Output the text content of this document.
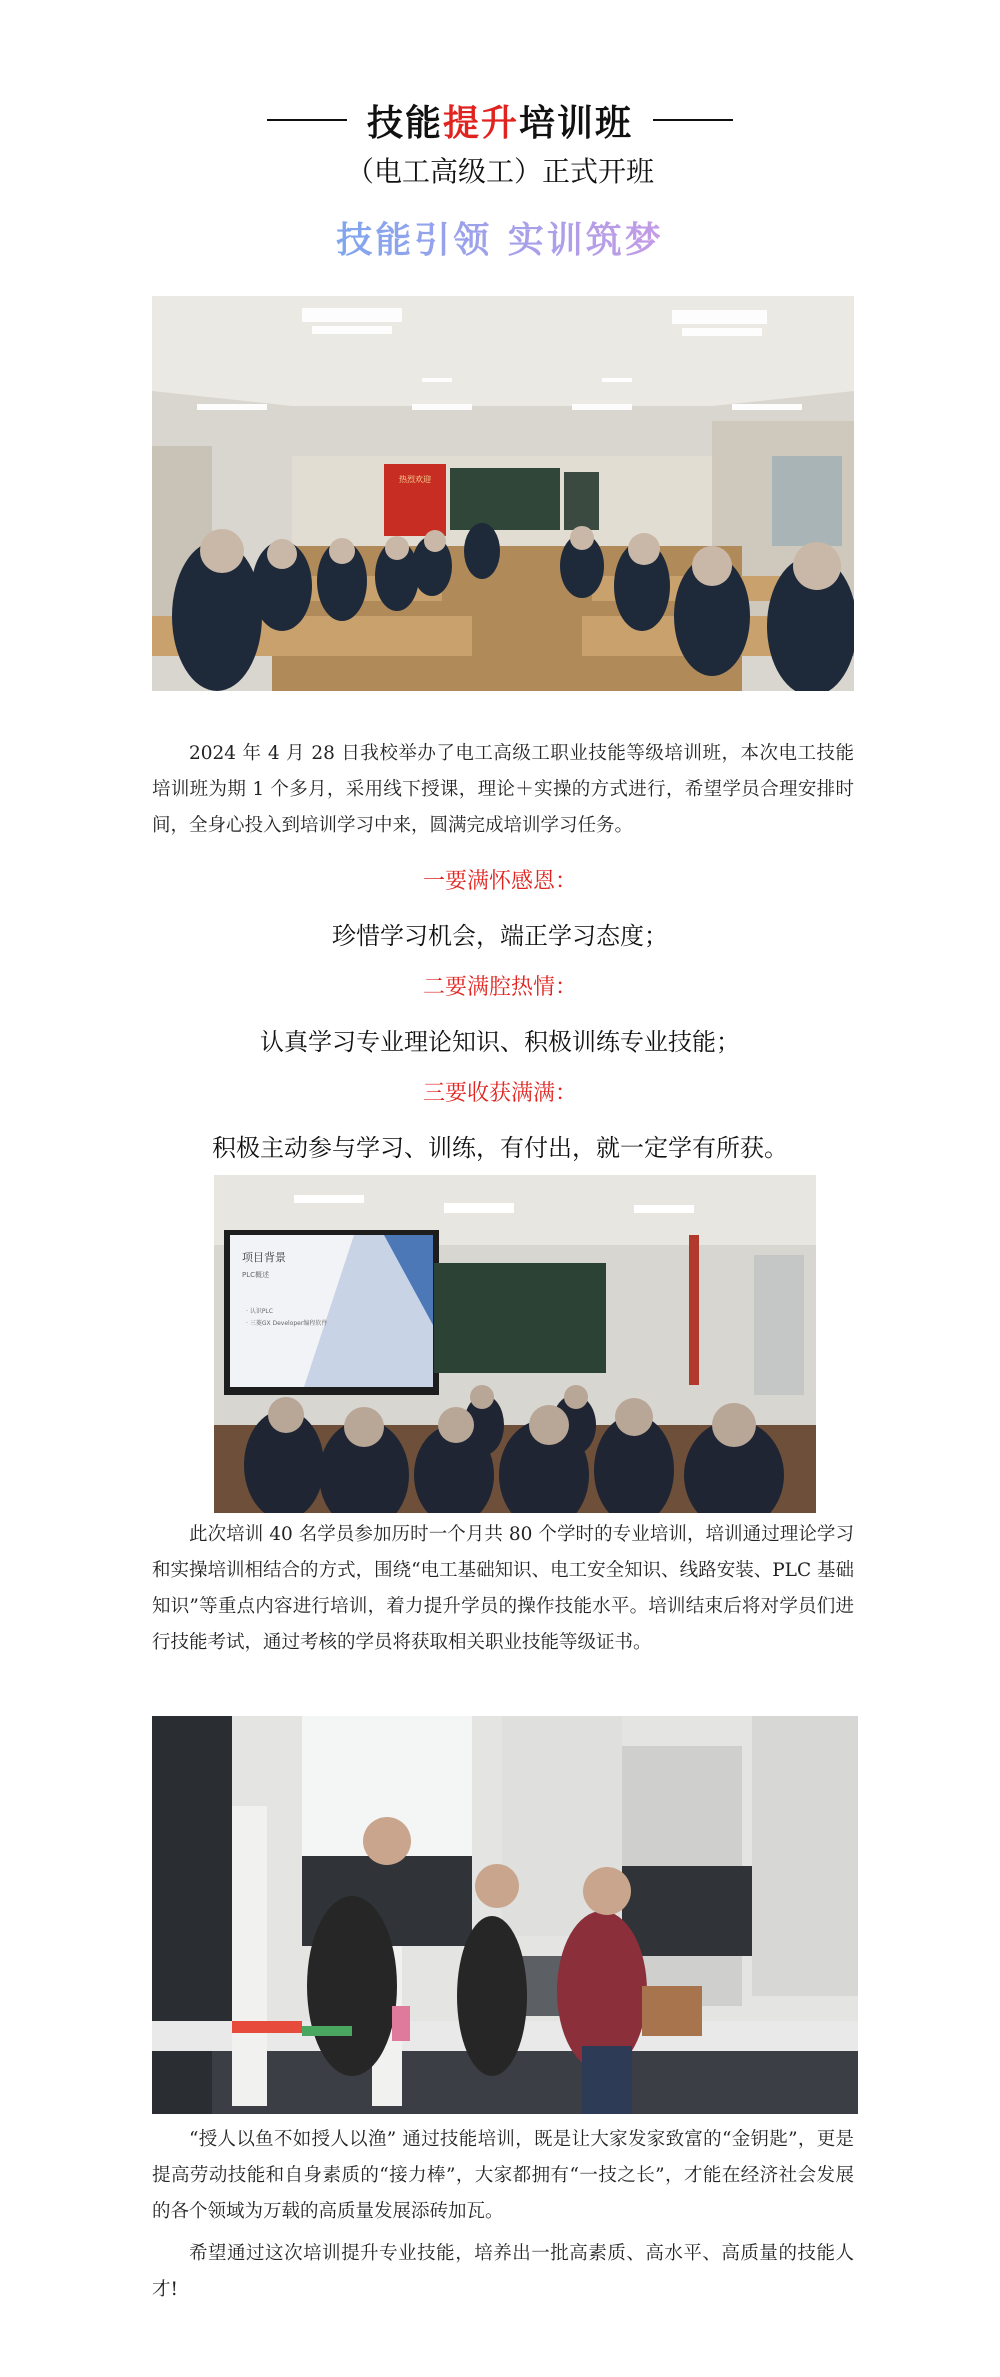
技能提升培训班
（电工高级工）正式开班
技能引领 实训筑梦
热烈欢迎

2024 年 4 月 28 日我校举办了电工高级工职业技能等级培训班，本次电工技能培训班为期 1 个多月，采用线下授课，理论＋实操的方式进行，希望学员合理安排时间，全身心投入到培训学习中来，圆满完成培训学习任务。

一要满怀感恩：
珍惜学习机会，端正学习态度；
二要满腔热情：
认真学习专业理论知识、积极训练专业技能；
三要收获满满：
积极主动参与学习、训练，有付出，就一定学有所获。
项目背景
PLC概述
· 认识PLC
· 三菱GX Developer编程软件

此次培训 40 名学员参加历时一个月共 80 个学时的专业培训，培训通过理论学习和实操培训相结合的方式，围绕“电工基础知识、电工安全知识、线路安装、PLC 基础知识”等重点内容进行培训，着力提升学员的操作技能水平。培训结束后将对学员们进行技能考试，通过考核的学员将获取相关职业技能等级证书。

“授人以鱼不如授人以渔” 通过技能培训，既是让大家发家致富的“金钥匙”，更是提高劳动技能和自身素质的“接力棒”，大家都拥有“一技之长”，才能在经济社会发展的各个领域为万载的高质量发展添砖加瓦。

希望通过这次培训提升专业技能，培养出一批高素质、高水平、高质量的技能人才!
